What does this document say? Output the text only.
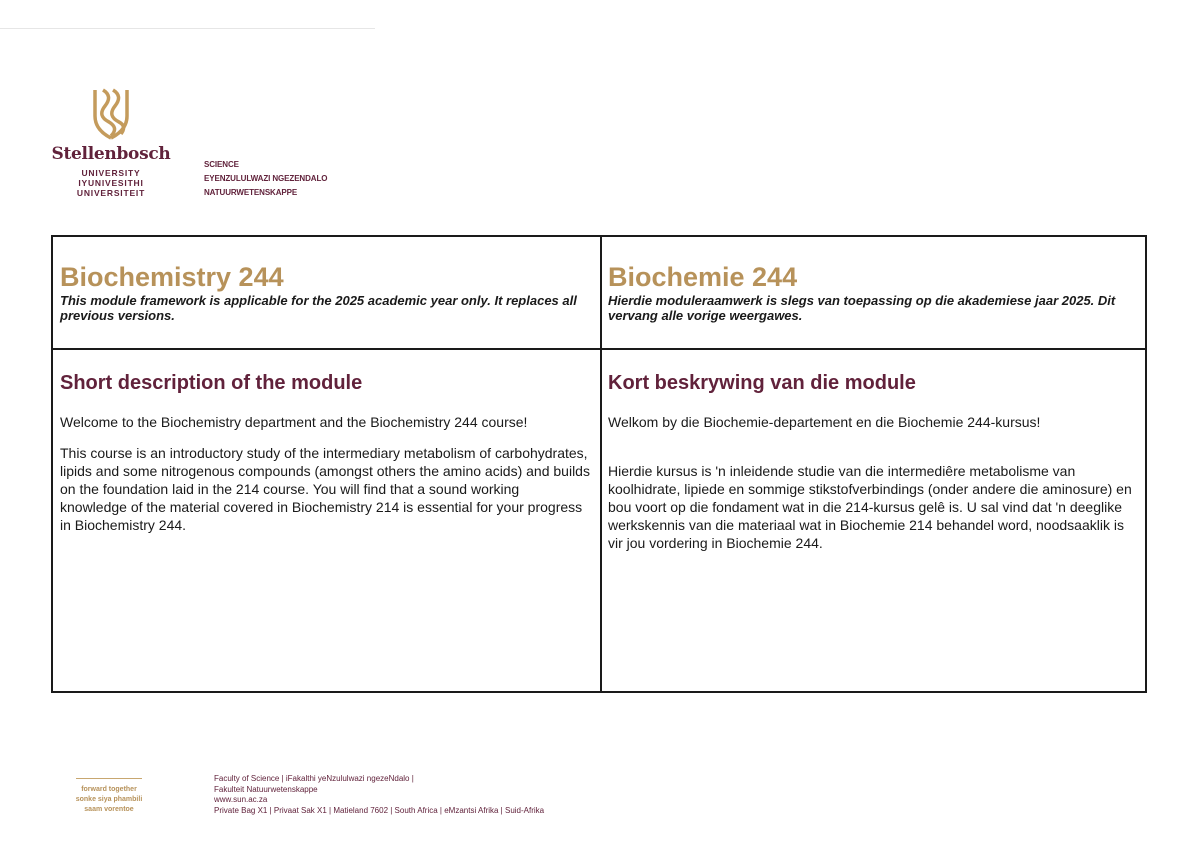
Stellenbosch
UNIVERSITY
IYUNIVESITHI
UNIVERSITEIT
SCIENCE
EYENZULULWAZI NGEZENDALO
NATUURWETENSKAPPE
Biochemistry 244
This module framework is applicable for the 2025 academic year only. It replaces all previous versions.
Biochemie 244
Hierdie moduleraamwerk is slegs van toepassing op die akademiese jaar 2025. Dit vervang alle vorige weergawes.
Short description of the module

Welcome to the Biochemistry department and the Biochemistry 244 course!

This course is an introductory study of the intermediary metabolism of carbohydrates, lipids and some nitrogenous compounds (amongst others the amino acids) and builds on the foundation laid in the 214 course. You will find that a sound working knowledge of the material covered in Biochemistry 214 is essential for your progress in Biochemistry 244.

Kort beskrywing van die module

Welkom by die Biochemie-departement en die Biochemie 244-kursus!

Hierdie kursus is 'n inleidende studie van die intermediêre metabolisme van koolhidrate, lipiede en sommige stikstofverbindings (onder andere die aminosure) en bou voort op die fondament wat in die 214-kursus gelê is. U sal vind dat 'n deeglike werkskennis van die materiaal wat in Biochemie 214 behandel word, noodsaaklik is vir jou vordering in Biochemie 244.

forward together
sonke siya phambili
saam vorentoe
Faculty of Science | iFakalthi yeNzululwazi ngezeNdalo |
Fakulteit Natuurwetenskappe
www.sun.ac.za
Private Bag X1 | Privaat Sak X1 | Matieland 7602 | South Africa | eMzantsi Afrika | Suid-Afrika
